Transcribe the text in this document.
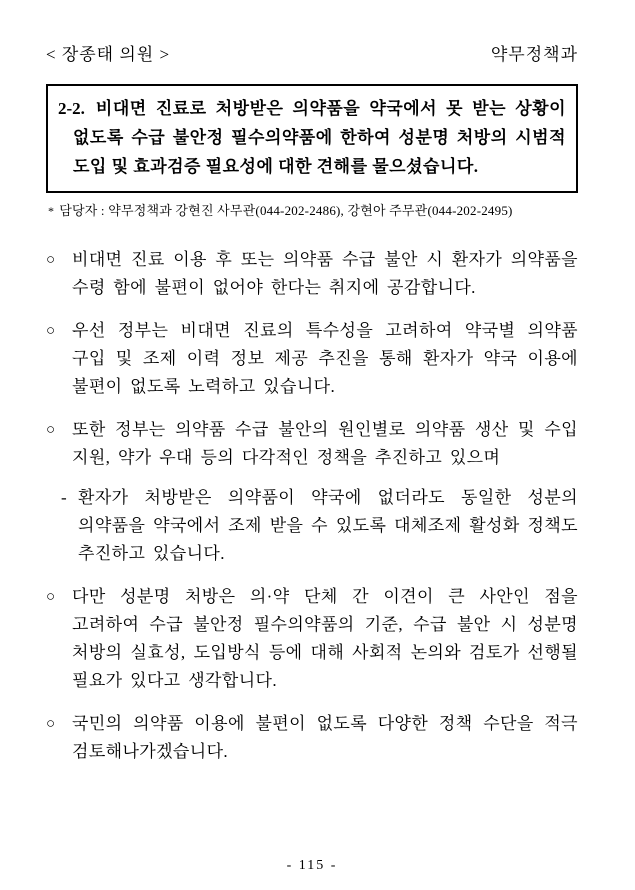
< 장종태 의원 >	약무정책과
2-2. 비대면 진료로 처방받은 의약품을 약국에서 못 받는 상황이 없도록 수급 불안정 필수의약품에 한하여 성분명 처방의 시범적 도입 및 효과검증 필요성에 대한 견해를 물으셨습니다.
* 담당자 : 약무정책과 강현진 사무관(044-202-2486), 강현아 주무관(044-202-2495)
○ 비대면 진료 이용 후 또는 의약품 수급 불안 시 환자가 의약품을 수령 함에 불편이 없어야 한다는 취지에 공감합니다.
○ 우선 정부는 비대면 진료의 특수성을 고려하여 약국별 의약품 구입 및 조제 이력 정보 제공 추진을 통해 환자가 약국 이용에 불편이 없도록 노력하고 있습니다.
○ 또한 정부는 의약품 수급 불안의 원인별로 의약품 생산 및 수입 지원, 약가 우대 등의 다각적인 정책을 추진하고 있으며
- 환자가 처방받은 의약품이 약국에 없더라도 동일한 성분의 의약품을 약국에서 조제 받을 수 있도록 대체조제 활성화 정책도 추진하고 있습니다.
○ 다만 성분명 처방은 의·약 단체 간 이견이 큰 사안인 점을 고려하여 수급 불안정 필수의약품의 기준, 수급 불안 시 성분명 처방의 실효성, 도입방식 등에 대해 사회적 논의와 검토가 선행될 필요가 있다고 생각합니다.
○ 국민의 의약품 이용에 불편이 없도록 다양한 정책 수단을 적극 검토해나가겠습니다.
- 115 -
